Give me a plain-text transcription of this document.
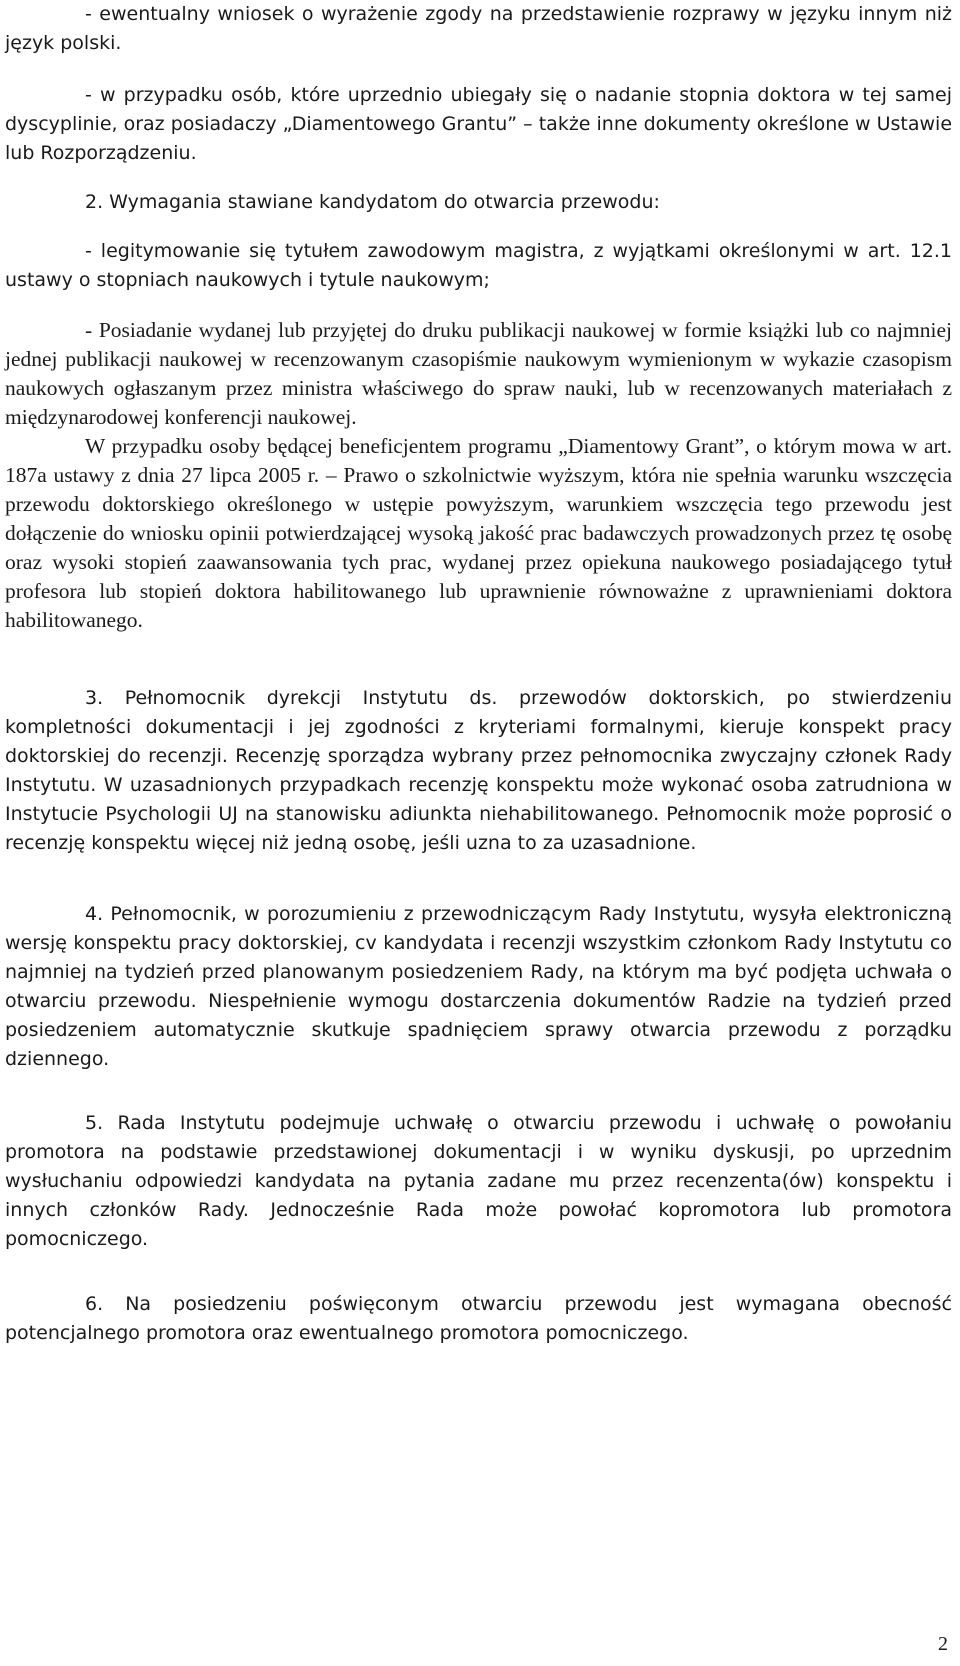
- ewentualny wniosek o wyrażenie zgody na przedstawienie rozprawy w języku innym niż język polski.

- w przypadku osób, które uprzednio ubiegały się o nadanie stopnia doktora w tej samej dyscyplinie, oraz posiadaczy „Diamentowego Grantu” – także inne dokumenty określone w Ustawie lub Rozporządzeniu.

2. Wymagania stawiane kandydatom do otwarcia przewodu:

- legitymowanie się tytułem zawodowym magistra, z wyjątkami określonymi w art. 12.1 ustawy o stopniach naukowych i tytule naukowym;

- Posiadanie wydanej lub przyjętej do druku publikacji naukowej w formie książki lub co najmniej jednej publikacji naukowej w recenzowanym czasopiśmie naukowym wymienionym w wykazie czasopism naukowych ogłaszanym przez ministra właściwego do spraw nauki, lub w recenzowanych materiałach z międzynarodowej konferencji naukowej.

W przypadku osoby będącej beneficjentem programu „Diamentowy Grant”, o którym mowa w art. 187a ustawy z dnia 27 lipca 2005 r. – Prawo o szkolnictwie wyższym, która nie spełnia warunku wszczęcia przewodu doktorskiego określonego w ustępie powyższym, warunkiem wszczęcia tego przewodu jest dołączenie do wniosku opinii potwierdzającej wysoką jakość prac badawczych prowadzonych przez tę osobę oraz wysoki stopień zaawansowania tych prac, wydanej przez opiekuna naukowego posiadającego tytuł profesora lub stopień doktora habilitowanego lub uprawnienie równoważne z uprawnieniami doktora habilitowanego.

3. Pełnomocnik dyrekcji Instytutu ds. przewodów doktorskich, po stwierdzeniu kompletności dokumentacji i jej zgodności z kryteriami formalnymi, kieruje konspekt pracy doktorskiej do recenzji. Recenzję sporządza wybrany przez pełnomocnika zwyczajny członek Rady Instytutu. W uzasadnionych przypadkach recenzję konspektu może wykonać osoba zatrudniona w Instytucie Psychologii UJ na stanowisku adiunkta niehabilitowanego. Pełnomocnik może poprosić o recenzję konspektu więcej niż jedną osobę, jeśli uzna to za uzasadnione.

4. Pełnomocnik, w porozumieniu z przewodniczącym Rady Instytutu, wysyła elektroniczną wersję konspektu pracy doktorskiej, cv kandydata i recenzji wszystkim członkom Rady Instytutu co najmniej na tydzień przed planowanym posiedzeniem Rady, na którym ma być podjęta uchwała o otwarciu przewodu. Niespełnienie wymogu dostarczenia dokumentów Radzie na tydzień przed posiedzeniem automatycznie skutkuje spadnięciem sprawy otwarcia przewodu z porządku dziennego.

5. Rada Instytutu podejmuje uchwałę o otwarciu przewodu i uchwałę o powołaniu promotora na podstawie przedstawionej dokumentacji i w wyniku dyskusji, po uprzednim wysłuchaniu odpowiedzi kandydata na pytania zadane mu przez recenzenta(ów) konspektu i innych członków Rady. Jednocześnie Rada może powołać kopromotora lub promotora pomocniczego.

6. Na posiedzeniu poświęconym otwarciu przewodu jest wymagana obecność potencjalnego promotora oraz ewentualnego promotora pomocniczego.

2
